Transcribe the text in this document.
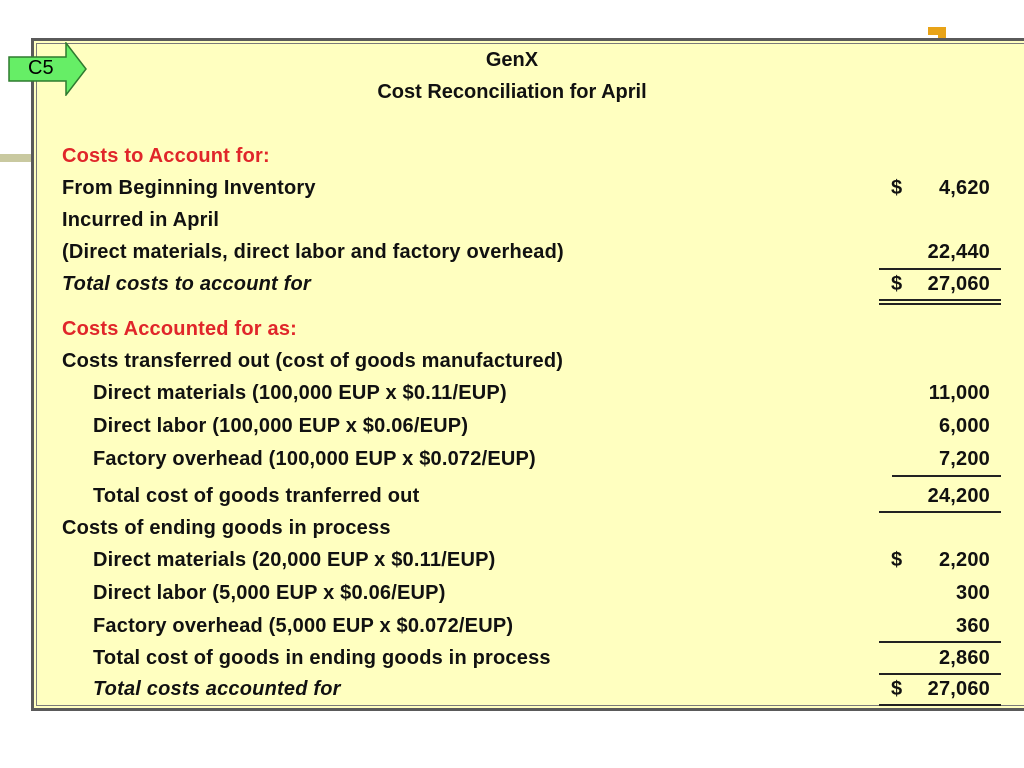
C5	GenX
Cost Reconciliation for April
Costs to Account for:
From Beginning Inventory	$ 4,620
Incurred in April
(Direct materials, direct labor and factory overhead)	22,440
Total costs to account for	$ 27,060
Costs Accounted for as:
Costs transferred out (cost of goods manufactured)
Direct materials (100,000 EUP x $0.11/EUP)	11,000
Direct labor (100,000 EUP x $0.06/EUP)	6,000
Factory overhead (100,000 EUP x $0.072/EUP)	7,200
Total cost of goods tranferred out	24,200
Costs of ending goods in process
Direct materials (20,000 EUP x $0.11/EUP)	$ 2,200
Direct labor (5,000 EUP x $0.06/EUP)	300
Factory overhead (5,000 EUP x $0.072/EUP)	360
Total cost of goods in ending goods in process	2,860
Total costs accounted for	$ 27,060
